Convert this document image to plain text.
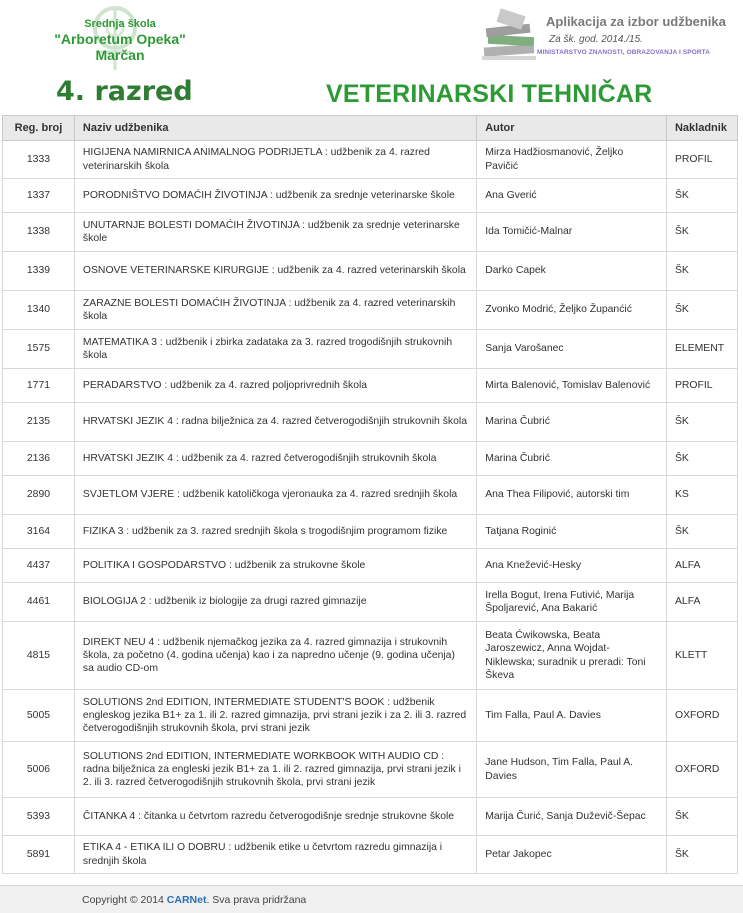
Srednja škola
"Arboretum Opeka" Marčan
Aplikacija za izbor udžbenika
Za šk. god. 2014./15.
MINISTARSTVO ZNANOSTI, OBRAZOVANJA I SPORTA
4. razred	VETERINARSKI TEHNIČAR
Reg. broj	Naziv udžbenika	Autor	Nakladnik
1333	HIGIJENA NAMIRNICA ANIMALNOG PODRIJETLA : udžbenik za 4. razred veterinarskih škola	Mirza Hadžiosmanović, Željko Pavičić	PROFIL
1337	PORODNIŠTVO DOMAĆIH ŽIVOTINJA : udžbenik za srednje veterinarske škole	Ana Gverić	ŠK
1338	UNUTARNJE BOLESTI DOMAĆIH ŽIVOTINJA : udžbenik za srednje veterinarske škole	Ida Tomičić-Malnar	ŠK
1339	OSNOVE VETERINARSKE KIRURGIJE : udžbenik za 4. razred veterinarskih škola	Darko Capek	ŠK
1340	ZARAZNE BOLESTI DOMAĆIH ŽIVOTINJA : udžbenik za 4. razred veterinarskih škola	Zvonko Modrić, Željko Županćić	ŠK
1575	MATEMATIKA 3 : udžbenik i zbirka zadataka za 3. razred trogodišnjih strukovnih škola	Sanja Varošanec	ELEMENT
1771	PERADARSTVO : udžbenik za 4. razred poljoprivrednih škola	Mirta Balenović, Tomislav Balenović	PROFIL
2135	HRVATSKI JEZIK 4 : radna bilježnica za 4. razred četverogodišnjih strukovnih škola	Marina Čubrić	ŠK
2136	HRVATSKI JEZIK 4 : udžbenik za 4. razred četverogodišnjih strukovnih škola	Marina Čubrić	ŠK
2890	SVJETLOM VJERE : udžbenik katoličkoga vjeronauka za 4. razred srednjih škola	Ana Thea Filipović, autorski tim	KS
3164	FIZIKA 3 : udžbenik za 3. razred srednjih škola s trogodišnjim programom fizike	Tatjana Roginić	ŠK
4437	POLITIKA I GOSPODARSTVO : udžbenik za strukovne škole	Ana Knežević-Hesky	ALFA
4461	BIOLOGIJA 2 : udžbenik iz biologije za drugi razred gimnazije	Irella Bogut, Irena Futivić, Marija Špoljarević, Ana Bakarić	ALFA
4815	DIREKT NEU 4 : udžbenik njemačkog jezika za 4. razred gimnazija i strukovnih škola, za početno (4. godina učenja) kao i za napredno učenje (9. godina učenja) sa audio CD-om	Beata Ćwikowska, Beata Jaroszewicz, Anna Wojdat-Niklewska; suradnik u preradi: Toni Škeva	KLETT
5005	SOLUTIONS 2nd EDITION, INTERMEDIATE STUDENT'S BOOK : udžbenik engleskog jezika B1+ za 1. ili 2. razred gimnazija, prvi strani jezik i za 2. ili 3. razred četverogodišnjih strukovnih škola, prvi strani jezik	Tim Falla, Paul A. Davies	OXFORD
5006	SOLUTIONS 2nd EDITION, INTERMEDIATE WORKBOOK WITH AUDIO CD : radna bilježnica za engleski jezik B1+ za 1. ili 2. razred gimnazija, prvi strani jezik i 2. ili 3. razred četverogodišnjih strukovnih škola, prvi strani jezik	Jane Hudson, Tim Falla, Paul A. Davies	OXFORD
5393	ČITANKA 4 : čitanka u četvrtom razredu četverogodišnje srednje strukovne škole	Marija Čurić, Sanja Duževič-Šepac	ŠK
5891	ETIKA 4 - ETIKA ILI O DOBRU : udžbenik etike u četvrtom razredu gimnazija i srednjih škola	Petar Jakopec	ŠK
Copyright © 2014 CARNet. Sva prava pridržana
